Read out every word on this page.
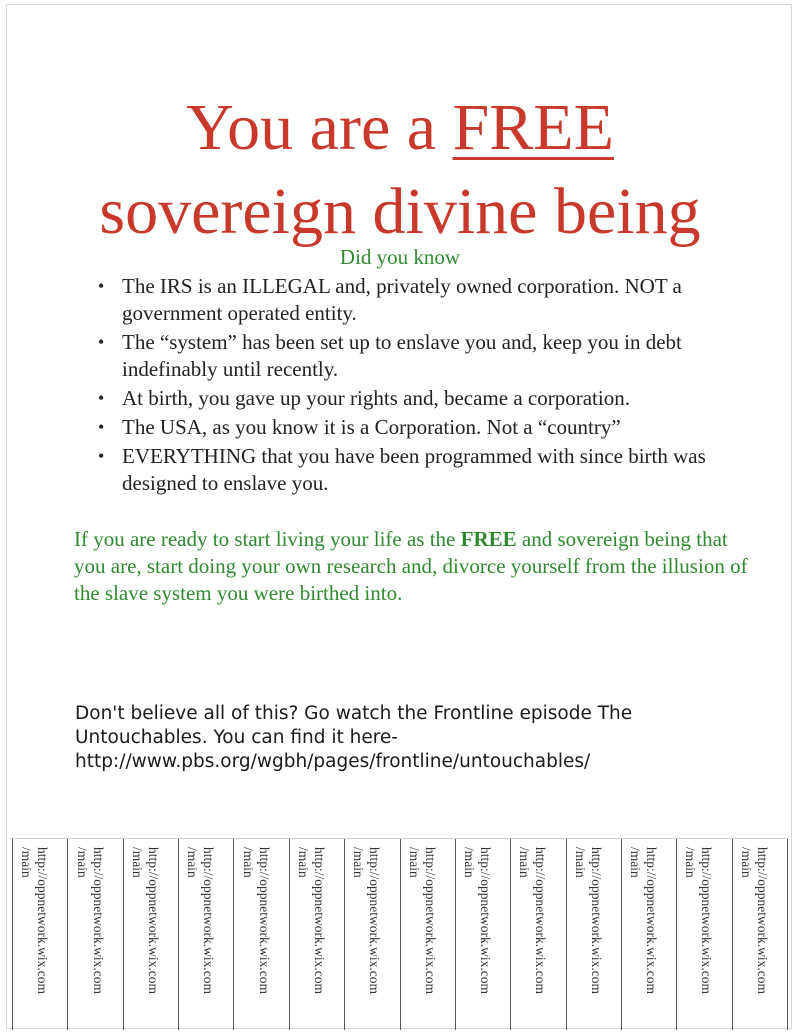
You are a FREE
sovereign divine being
Did you know
• The IRS is an ILLEGAL and, privately owned corporation. NOT a government operated entity.
• The “system” has been set up to enslave you and, keep you in debt indefinably until recently.
• At birth, you gave up your rights and, became a corporation.
• The USA, as you know it is a Corporation. Not a “country”
• EVERYTHING that you have been programmed with since birth was designed to enslave you.

If you are ready to start living your life as the FREE and sovereign being that you are, start doing your own research and, divorce yourself from the illusion of the slave system you were birthed into.

Don't believe all of this? Go watch the Frontline episode The
Untouchables. You can find it here-
http://www.pbs.org/wgbh/pages/frontline/untouchables/

http://oppnetwork.wix.com
/main	http://oppnetwork.wix.com
/main	http://oppnetwork.wix.com
/main	http://oppnetwork.wix.com
/main	http://oppnetwork.wix.com
/main	http://oppnetwork.wix.com
/main	http://oppnetwork.wix.com
/main	http://oppnetwork.wix.com
/main	http://oppnetwork.wix.com
/main	http://oppnetwork.wix.com
/main	http://oppnetwork.wix.com
/main	http://oppnetwork.wix.com
/main	http://oppnetwork.wix.com
/main	http://oppnetwork.wix.com
/main
